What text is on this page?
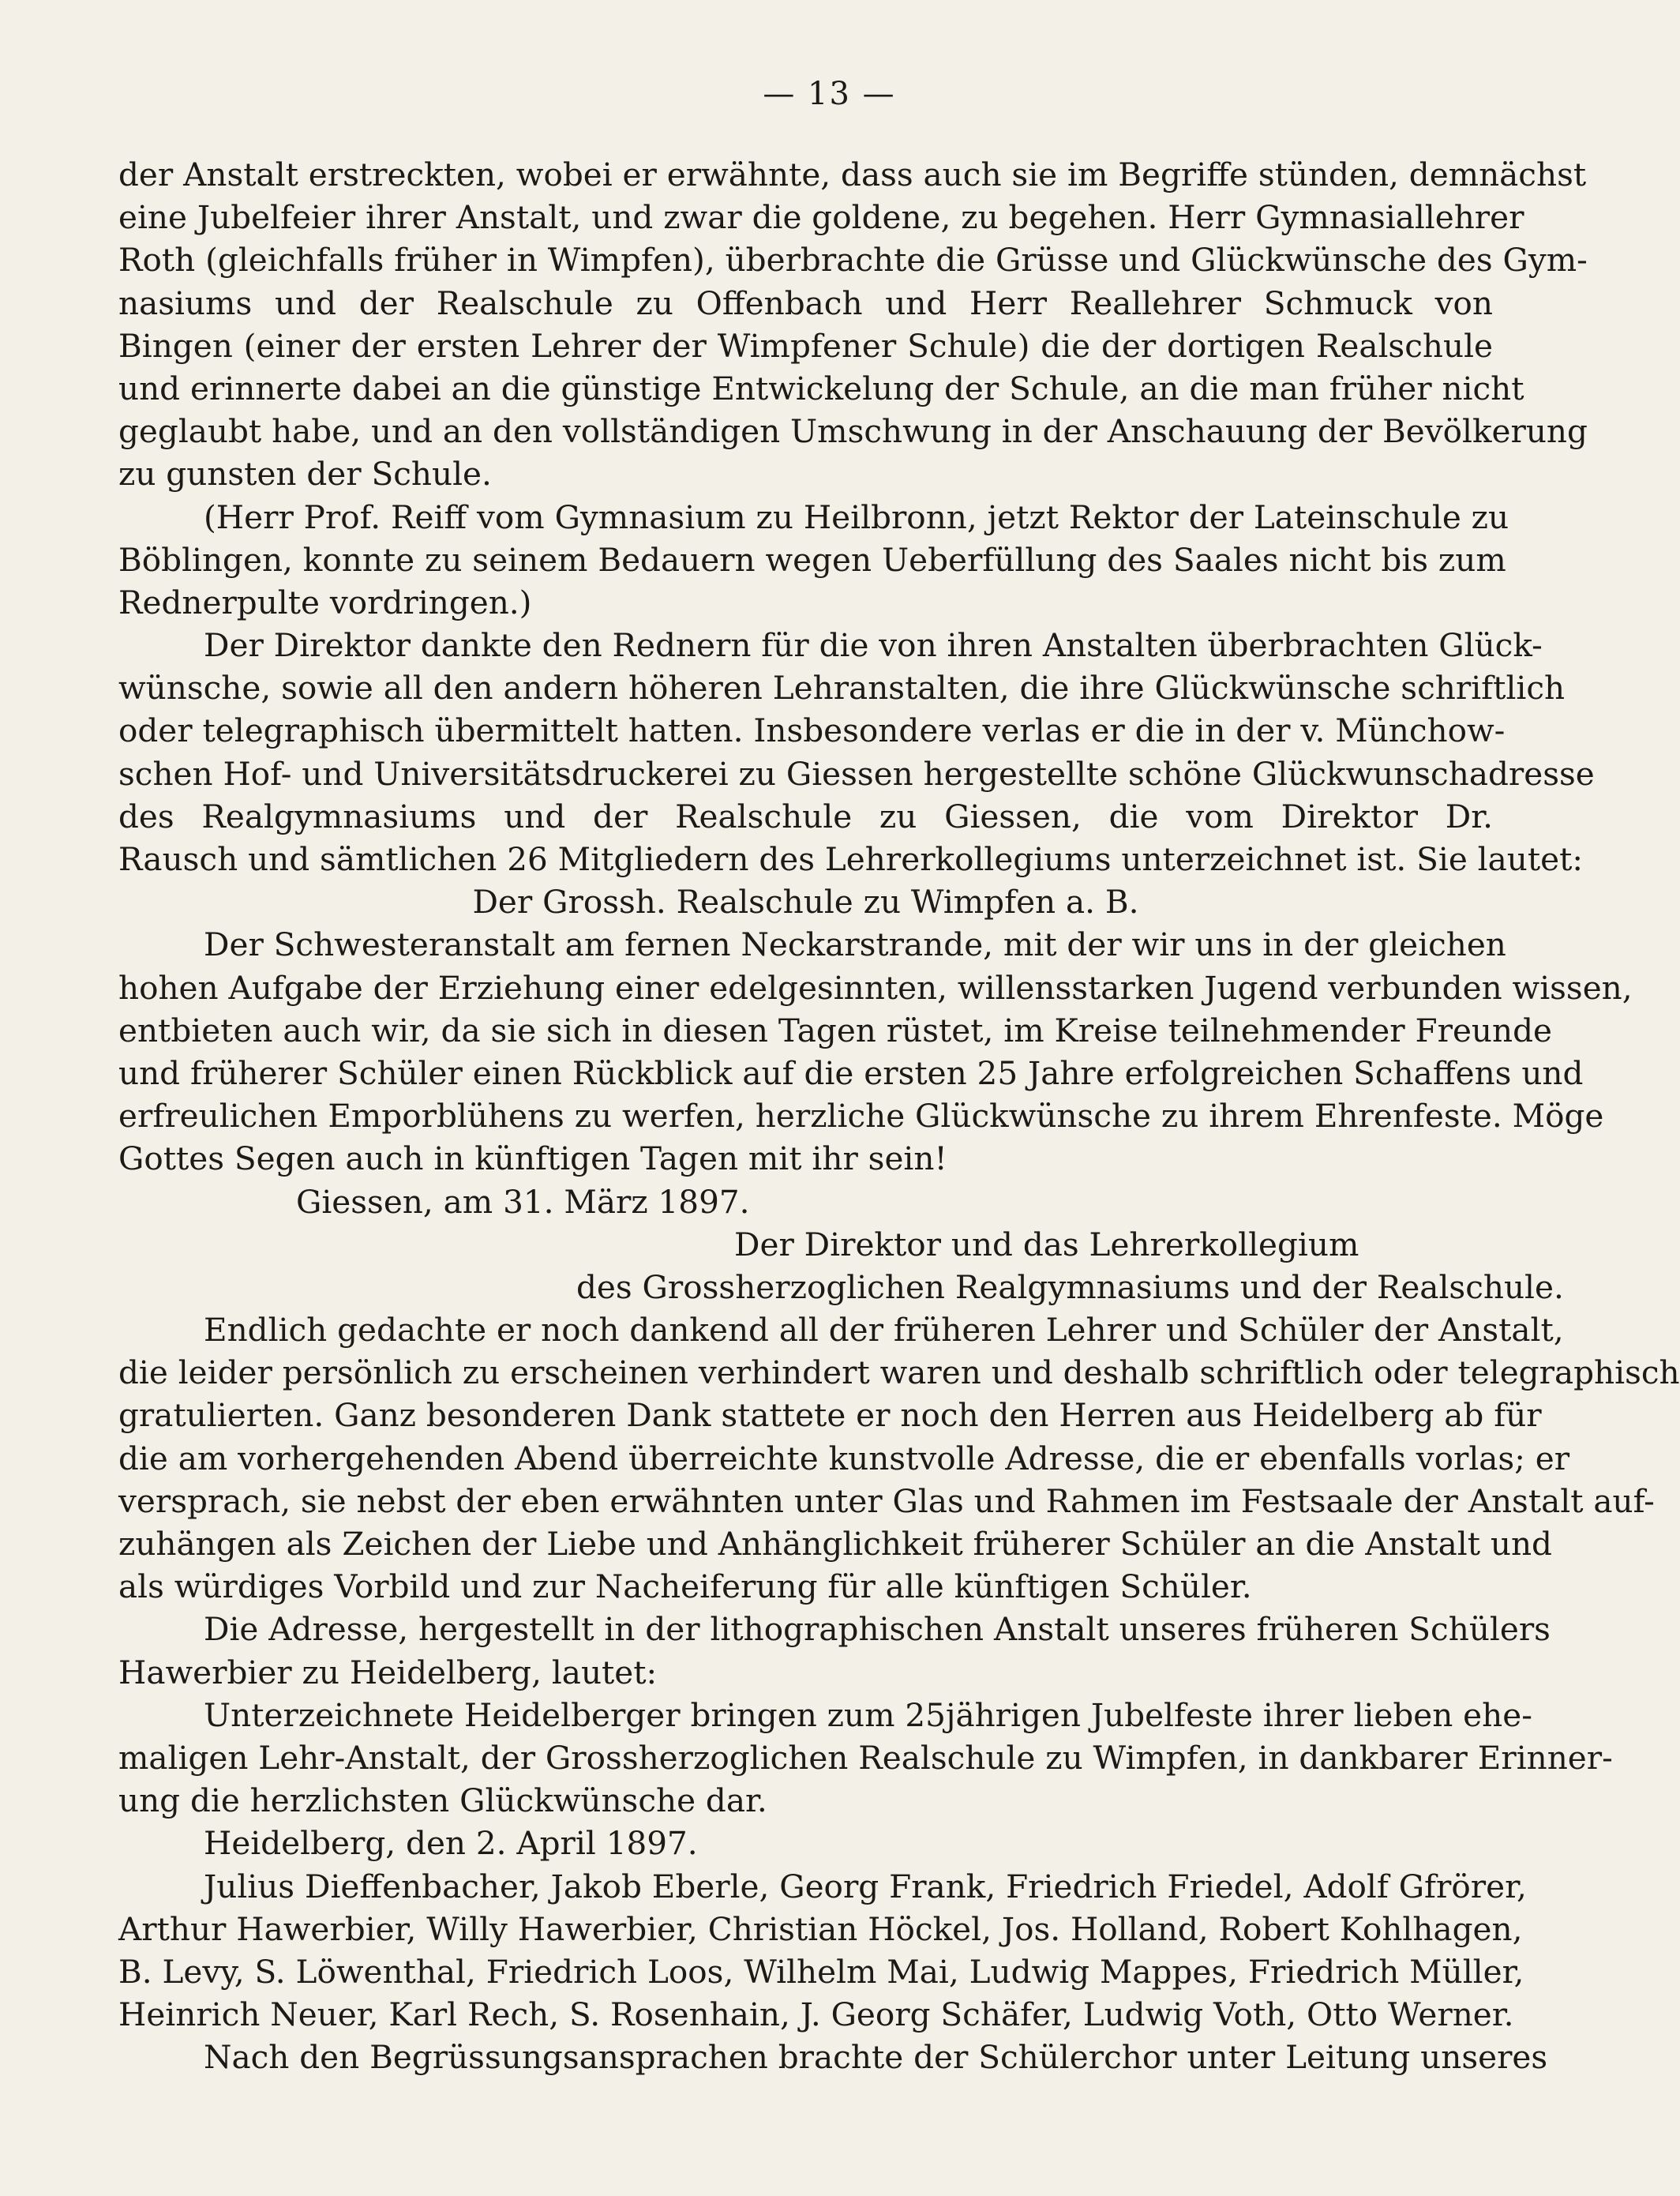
— 13 —
der Anstalt erstreckten, wobei er erwähnte, dass auch sie im Begriffe stünden, demnächst
eine Jubelfeier ihrer Anstalt, und zwar die goldene, zu begehen. Herr Gymnasiallehrer
Roth (gleichfalls früher in Wimpfen), überbrachte die Grüsse und Glückwünsche des Gym-
nasiums und der Realschule zu Offenbach und Herr Reallehrer Schmuck von
Bingen (einer der ersten Lehrer der Wimpfener Schule) die der dortigen Realschule
und erinnerte dabei an die günstige Entwickelung der Schule, an die man früher nicht
geglaubt habe, und an den vollständigen Umschwung in der Anschauung der Bevölkerung
zu gunsten der Schule.
(Herr Prof. Reiff vom Gymnasium zu Heilbronn, jetzt Rektor der Lateinschule zu
Böblingen, konnte zu seinem Bedauern wegen Ueberfüllung des Saales nicht bis zum
Rednerpulte vordringen.)
Der Direktor dankte den Rednern für die von ihren Anstalten überbrachten Glück-
wünsche, sowie all den andern höheren Lehranstalten, die ihre Glückwünsche schriftlich
oder telegraphisch übermittelt hatten. Insbesondere verlas er die in der v. Münchow-
schen Hof- und Universitätsdruckerei zu Giessen hergestellte schöne Glückwunschadresse
des Realgymnasiums und der Realschule zu Giessen, die vom Direktor Dr.
Rausch und sämtlichen 26 Mitgliedern des Lehrerkollegiums unterzeichnet ist. Sie lautet:
Der Grossh. Realschule zu Wimpfen a. B.
Der Schwesteranstalt am fernen Neckarstrande, mit der wir uns in der gleichen
hohen Aufgabe der Erziehung einer edelgesinnten, willensstarken Jugend verbunden wissen,
entbieten auch wir, da sie sich in diesen Tagen rüstet, im Kreise teilnehmender Freunde
und früherer Schüler einen Rückblick auf die ersten 25 Jahre erfolgreichen Schaffens und
erfreulichen Emporblühens zu werfen, herzliche Glückwünsche zu ihrem Ehrenfeste. Möge
Gottes Segen auch in künftigen Tagen mit ihr sein!
Giessen, am 31. März 1897.
Der Direktor und das Lehrerkollegium
des Grossherzoglichen Realgymnasiums und der Realschule.
Endlich gedachte er noch dankend all der früheren Lehrer und Schüler der Anstalt,
die leider persönlich zu erscheinen verhindert waren und deshalb schriftlich oder telegraphisch
gratulierten. Ganz besonderen Dank stattete er noch den Herren aus Heidelberg ab für
die am vorhergehenden Abend überreichte kunstvolle Adresse, die er ebenfalls vorlas; er
versprach, sie nebst der eben erwähnten unter Glas und Rahmen im Festsaale der Anstalt auf-
zuhängen als Zeichen der Liebe und Anhänglichkeit früherer Schüler an die Anstalt und
als würdiges Vorbild und zur Nacheiferung für alle künftigen Schüler.
Die Adresse, hergestellt in der lithographischen Anstalt unseres früheren Schülers
Hawerbier zu Heidelberg, lautet:
Unterzeichnete Heidelberger bringen zum 25jährigen Jubelfeste ihrer lieben ehe-
maligen Lehr-Anstalt, der Grossherzoglichen Realschule zu Wimpfen, in dankbarer Erinner-
ung die herzlichsten Glückwünsche dar.
Heidelberg, den 2. April 1897.
Julius Dieffenbacher, Jakob Eberle, Georg Frank, Friedrich Friedel, Adolf Gfrörer,
Arthur Hawerbier, Willy Hawerbier, Christian Höckel, Jos. Holland, Robert Kohlhagen,
B. Levy, S. Löwenthal, Friedrich Loos, Wilhelm Mai, Ludwig Mappes, Friedrich Müller,
Heinrich Neuer, Karl Rech, S. Rosenhain, J. Georg Schäfer, Ludwig Voth, Otto Werner.
Nach den Begrüssungsansprachen brachte der Schülerchor unter Leitung unseres
